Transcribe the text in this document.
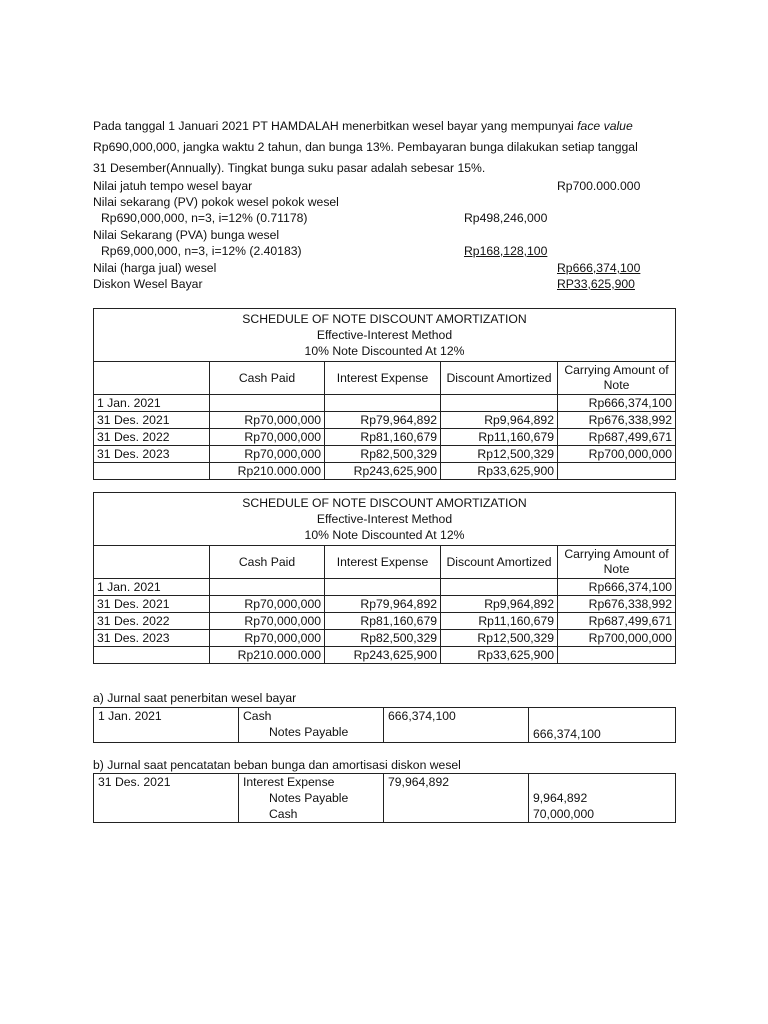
Pada tanggal 1 Januari 2021 PT HAMDALAH menerbitkan wesel bayar yang mempunyai face value
Rp690,000,000, jangka waktu 2 tahun, dan bunga 13%. Pembayaran bunga dilakukan setiap tanggal
31 Desember(Annually). Tingkat bunga suku pasar adalah sebesar 15%.
Nilai jatuh tempo wesel bayar	Rp700.000.000
Nilai sekarang (PV) pokok wesel pokok wesel
Rp690,000,000, n=3, i=12% (0.71178)	Rp498,246,000
Nilai Sekarang (PVA) bunga wesel
Rp69,000,000, n=3, i=12% (2.40183)	Rp168,128,100
Nilai (harga jual) wesel	Rp666,374,100
Diskon Wesel Bayar	RP33,625,900
SCHEDULE OF NOTE DISCOUNT AMORTIZATION
Effective-Interest Method
10% Note Discounted At 12%				

	Cash Paid	Interest Expense	Discount Amortized	Carrying Amount of Note
1 Jan. 2021				Rp666,374,100
31 Des. 2021	Rp70,000,000	Rp79,964,892	Rp9,964,892	Rp676,338,992
31 Des. 2022	Rp70,000,000	Rp81,160,679	Rp11,160,679	Rp687,499,671
31 Des. 2023	Rp70,000,000	Rp82,500,329	Rp12,500,329	Rp700,000,000
	Rp210.000.000	Rp243,625,900	Rp33,625,900	
SCHEDULE OF NOTE DISCOUNT AMORTIZATION
Effective-Interest Method
10% Note Discounted At 12%				

	Cash Paid	Interest Expense	Discount Amortized	Carrying Amount of Note
1 Jan. 2021				Rp666,374,100
31 Des. 2021	Rp70,000,000	Rp79,964,892	Rp9,964,892	Rp676,338,992
31 Des. 2022	Rp70,000,000	Rp81,160,679	Rp11,160,679	Rp687,499,671
31 Des. 2023	Rp70,000,000	Rp82,500,329	Rp12,500,329	Rp700,000,000
	Rp210.000.000	Rp243,625,900	Rp33,625,900	
a) Jurnal saat penerbitan wesel bayar
1 Jan. 2021	Cash	666,374,100	
	Notes Payable		666,374,100
b) Jurnal saat pencatatan beban bunga dan amortisasi diskon wesel
31 Des. 2021	Interest Expense	79,964,892	
	Notes Payable		9,964,892
	Cash		70,000,000
